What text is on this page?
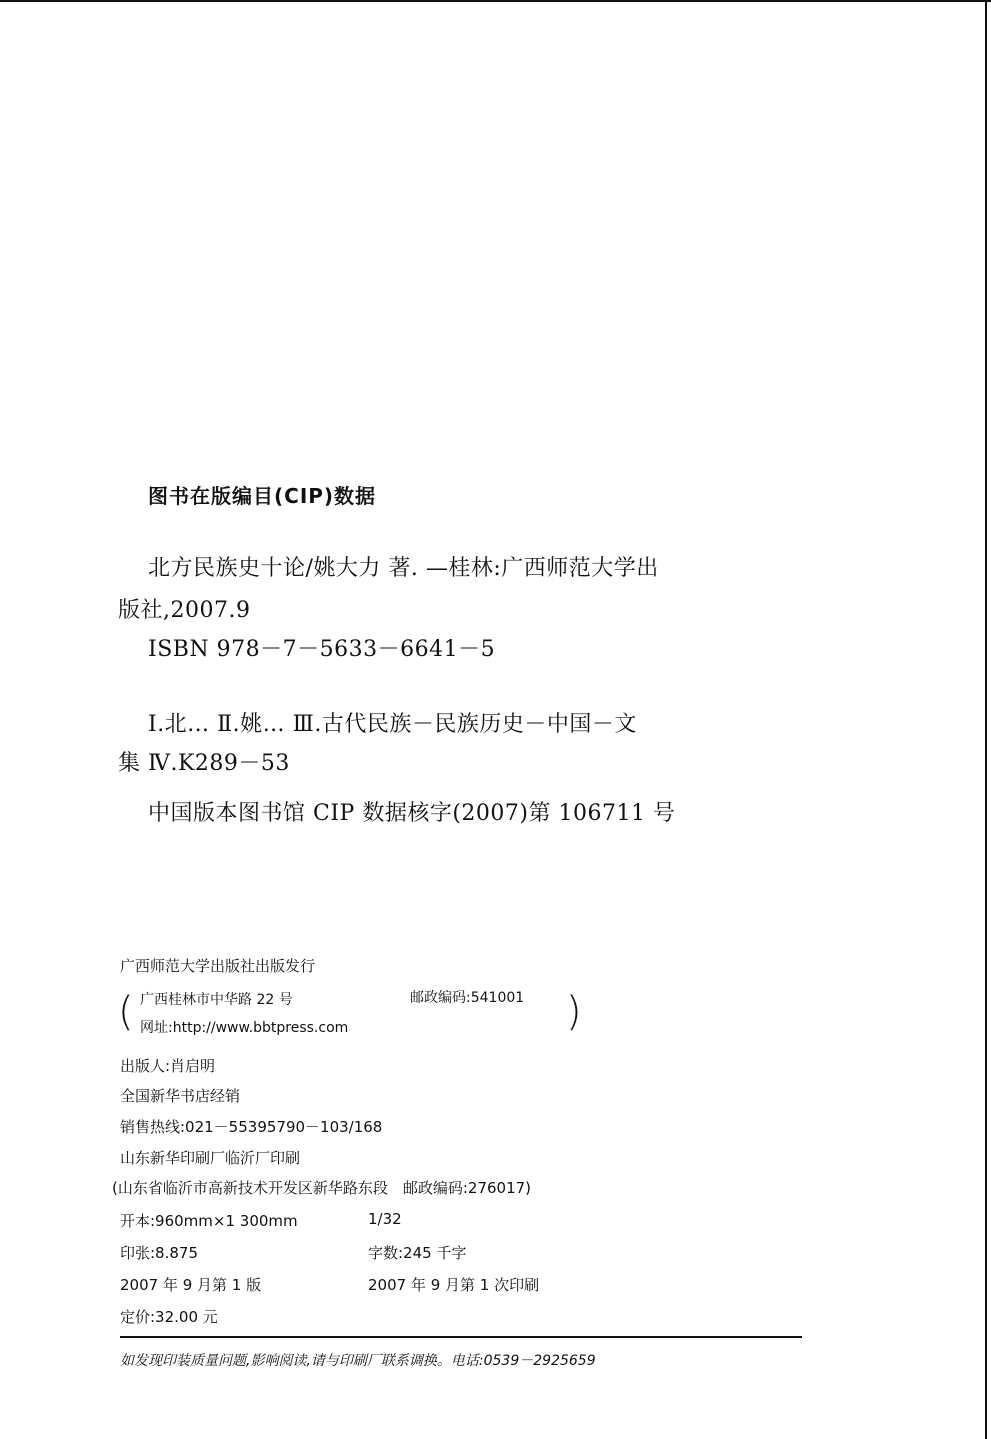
图书在版编目(CIP)数据
北方民族史十论/姚大力 著. —桂林:广西师范大学出
版社,2007.9
ISBN 978－7－5633－6641－5
Ⅰ.北… Ⅱ.姚… Ⅲ.古代民族－民族历史－中国－文
集 Ⅳ.K289－53
中国版本图书馆 CIP 数据核字(2007)第 106711 号
广西师范大学出版社出版发行
( 广西桂林市中华路 22 号	邮政编码:541001
网址:http://www.bbtpress.com	)
出版人:肖启明
全国新华书店经销
销售热线:021－55395790－103/168
山东新华印刷厂临沂厂印刷
(山东省临沂市高新技术开发区新华路东段　邮政编码:276017)
开本:960mm×1 300mm	1/32
印张:8.875	字数:245 千字
2007 年 9 月第 1 版	2007 年 9 月第 1 次印刷
定价:32.00 元
如发现印装质量问题,影响阅读,请与印刷厂联系调换。电话:0539－2925659
